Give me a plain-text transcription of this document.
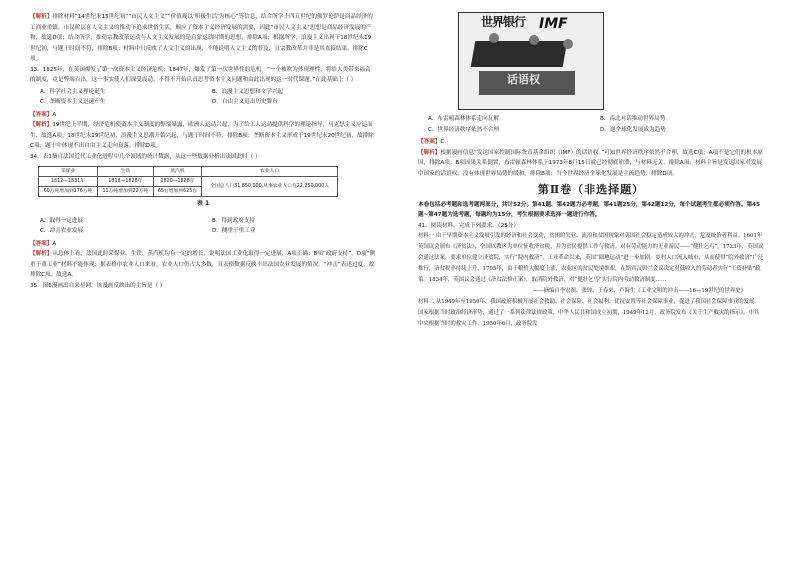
【解析】排除材料“14世纪末15世纪初”“市民人文主义”“价值观以‘积极生活’为核心”等信息，结合所学十四五世纪的佛罗伦萨是商品经济的工商业重镇，市民阶层在人文主义的推动下追求世俗生活，顺应了资本主义经济发展的需要，因此“市民人文主义”思想是商品经济发展的产物，故选D项；结合所学，推动宗教改革运动与人文主义发展的是启蒙运动时期的思想，排除A项；根据所学，浪漫主义出现于18世纪末19世纪初，与题干时间不符，排除B项；材料中只反映了人文主义的出现，不能说明人文主义的普及，且宗教改革并非是其直接结果，排除C项。

33．1825年，在英国爆发了第一次资本主义经济危机；1847年，爆发了第一次世界性的危机。“一个被吹为体现理性，将给人类带来福音的制度，竟是弊端百出，这一事实使人们深受震动，不得不开始认真思考资本主义问题和由此出现的这一时代课题。”在此基础上（ ）

A．科学社会主义理论诞生	B．浪漫主义思想和文学兴起
C．垄断资本主义迅速产生	D．自由主义退出历史舞台

【答案】A

【解析】19世纪上半期，经济危机使资本主义制度的弊端暴露，欧洲人运动兴起，为了给工人运动提供科学的理论指导，马克思主义应运而生，故选A项；18世纪末19世纪初，浪漫主义思潮开始兴起，与题干时间不符，排除B项；垄断资本主义形成于19世纪末20世纪初，故排除C项；题干中体现不出自由主义走向衰落，排除D项。

34．表1摘自法国近代工业化进程中几个领域的统计数据，从这一些数据分析出法国此时（ ）

采煤业	生铁	蒸汽机	农业人口
1812—1831年	1818—1828年	1820—1828年	全国总人口31,850,000,从事农业人口有22,250,000人
60万吨增加到176万吨	11万吨增加到22万吨	65台增加到625台	
表 1
A．取得一定进展	B．得到政府支持
C．冲击农业发展	D．侧重于重工业

【答案】A

【解析】从总体上看，法国此时采煤业、生铁、蒸汽机均有一定的增长，说明法国工业化取得一定进展，A项正确；B项“政府支持”、D项“侧重于重工业”材料不能体现；据表格中农业人口来看，农业人口仍占大多数，且表格数据反映不出法国农业发展的情况，“冲击”表述过度，故排除C项。故选A。

35．图6漫画出自来星网，该漫画反映出的主旨是（ ）

世界银行 IMF
话语权
A．布雷顿森林体系走向瓦解	B．南北对话推动世界局势
C．世界经济秩序依然不合理	D．逆全球化发展成为趋势

【答案】C

【解析】根据漫画信息“发达国家控制国际货币基金组织（IMF）的话语权。”可知世界经济秩序依然不合理，故选C项；A项不是它们的根本原因，排除A项；B项因果关系倒置，布雷顿森林体系于1973年8月15日就已经彻底崩溃，与材料无关，排除A项；材料主旨是发达国家对发展中国家的话语权，没有体现世界局势的缓和，排除B项；当今世界经济全球化发展是主流趋势，排除D项。

第Ⅱ卷（非选择题）

本卷包括必考题和选考题两部分，共计52分。第41题、第42题为必考题，第41题25分，第42题12分，每个试题考生都必须作答。第45题~第47题为选考题，每题均为15分，考生根据要求选择一题进行作答。

41．阅读材料，完成下列要求。（25分）

材料一 由于早期资本主义发展引发的经济和社会变动，贫困的失业、流浪和贫困现象对英国社会稳定造成较大的冲击，危及统治者利益。1601年英国议会颁布《济贫法》，全国以教区为单位征收济贫税，并为贫民提供工作与救济。对有劳动能力的无业游民——“健壮乞丐”，1723年，英国议会通过法案，要求单位建立济贫院，实行“院内救济”。工业革命以来，英国“圈地运动”进一步加剧，乡村人口流入城市，从而使得“院外救济”广泛推行，济贫税率持续上升，1795年，由于粮价大幅度上涨，农业区的贫民处境维艰，在斯宾汉姆兰会议决定对低收入的劳动者实行“工资补贴”政策。1834年，英国议会通过《济贫法修正案》，取消院外救济，对“健壮乞丐”实行院内劳动救济制度……

——摘编自李宏图、张钟、王春来、卢海生《工业文明的冲击——16—19世纪的世界史》

材料二 从1949年至1956年，我国政府积极开展社会救助、社会保险、社会福利、优抚安置等社会保障事业，促进了我国社会保障事业的发展。国家根据当时政治经济形势，通过了一系列法律法规政策，中华人民共和国成立初期，1949年12月，政务院发布《关于生产救灾的指示》，中共中央根据当时的救灾工作，1950年6月，政务院发
